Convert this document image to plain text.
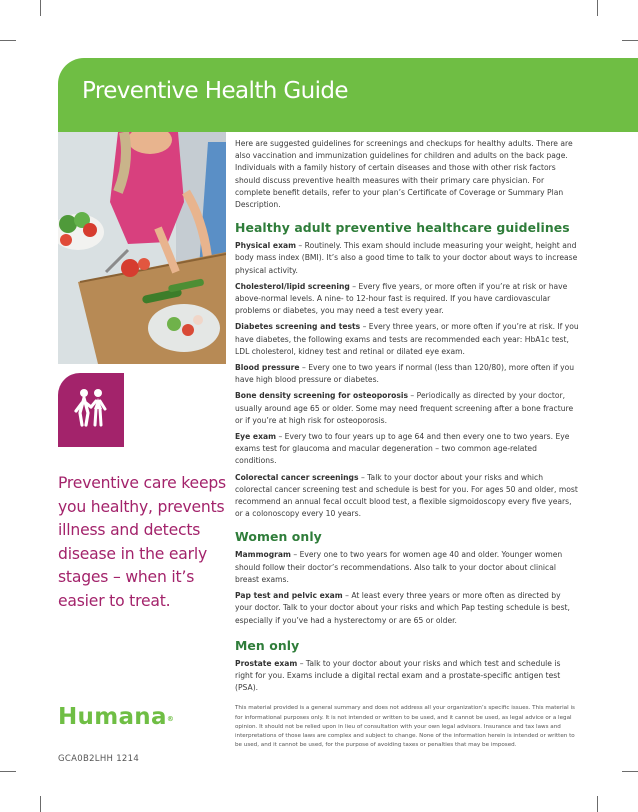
Preventive Health Guide
Preventive care keeps you healthy, prevents illness and detects disease in the early stages – when it’s easier to treat.
Humana®
GCA0B2LHH 1214

Here are suggested guidelines for screenings and checkups for healthy adults. There are also vaccination and immunization guidelines for children and adults on the back page. Individuals with a family history of certain diseases and those with other risk factors should discuss preventive health measures with their primary care physician. For complete benefit details, refer to your plan’s Certificate of Coverage or Summary Plan Description.

Healthy adult preventive healthcare guidelines

Physical exam – Routinely. This exam should include measuring your weight, height and body mass index (BMI). It’s also a good time to talk to your doctor about ways to increase physical activity.

Cholesterol/lipid screening – Every five years, or more often if you’re at risk or have above-normal levels. A nine- to 12-hour fast is required. If you have cardiovascular problems or diabetes, you may need a test every year.

Diabetes screening and tests – Every three years, or more often if you’re at risk. If you have diabetes, the following exams and tests are recommended each year: HbA1c test, LDL cholesterol, kidney test and retinal or dilated eye exam.

Blood pressure – Every one to two years if normal (less than 120/80), more often if you have high blood pressure or diabetes.

Bone density screening for osteoporosis – Periodically as directed by your doctor, usually around age 65 or older. Some may need frequent screening after a bone fracture or if you’re at high risk for osteoporosis.

Eye exam – Every two to four years up to age 64 and then every one to two years. Eye exams test for glaucoma and macular degeneration – two common age-related conditions.

Colorectal cancer screenings – Talk to your doctor about your risks and which colorectal cancer screening test and schedule is best for you. For ages 50 and older, most recommend an annual fecal occult blood test, a flexible sigmoidoscopy every five years, or a colonoscopy every 10 years.

Women only

Mammogram – Every one to two years for women age 40 and older. Younger women should follow their doctor’s recommendations. Also talk to your doctor about clinical breast exams.

Pap test and pelvic exam – At least every three years or more often as directed by your doctor. Talk to your doctor about your risks and which Pap testing schedule is best, especially if you’ve had a hysterectomy or are 65 or older.

Men only

Prostate exam – Talk to your doctor about your risks and which test and schedule is right for you. Exams include a digital rectal exam and a prostate-specific antigen test (PSA).

This material provided is a general summary and does not address all your organization’s specific issues. This material is for informational purposes only. It is not intended or written to be used, and it cannot be used, as legal advice or a legal opinion. It should not be relied upon in lieu of consultation with your own legal advisors. Insurance and tax laws and interpretations of those laws are complex and subject to change. None of the information herein is intended or written to be used, and it cannot be used, for the purpose of avoiding taxes or penalties that may be imposed.
